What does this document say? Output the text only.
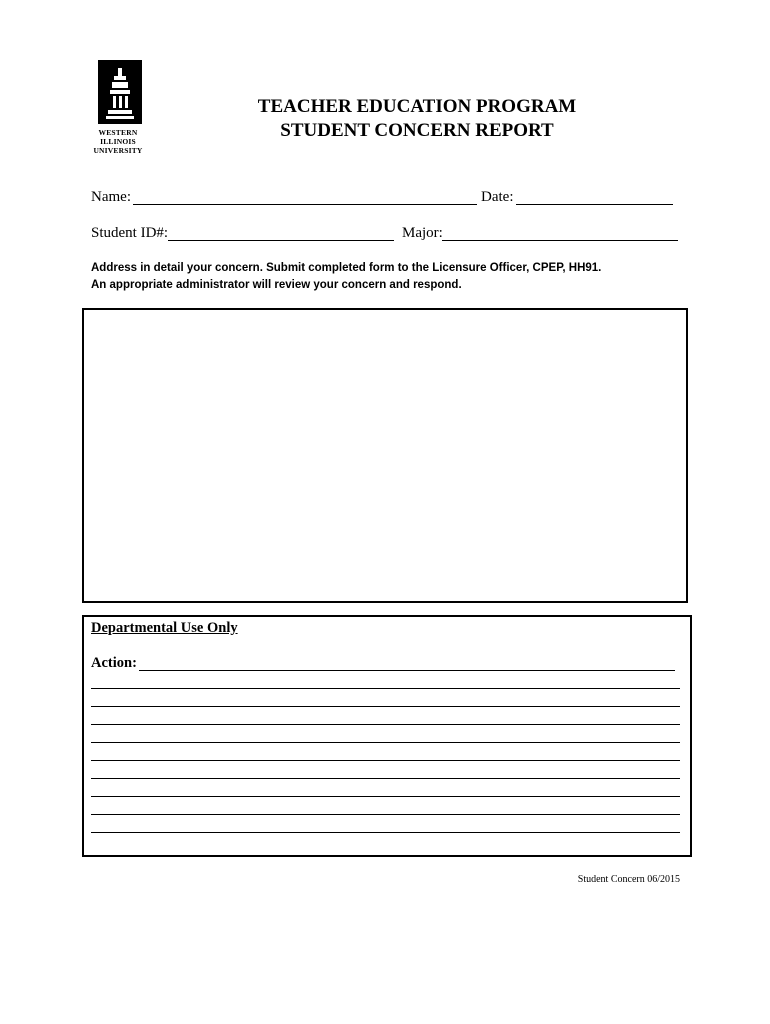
WESTERN
ILLINOIS
UNIVERSITY
TEACHER EDUCATION PROGRAM
STUDENT CONCERN REPORT
Name:	Date:
Student ID#:	Major:
Address in detail your concern. Submit completed form to the Licensure Officer, CPEP, HH91.
An appropriate administrator will review your concern and respond.
Departmental Use Only
Action:
Student Concern 06/2015
